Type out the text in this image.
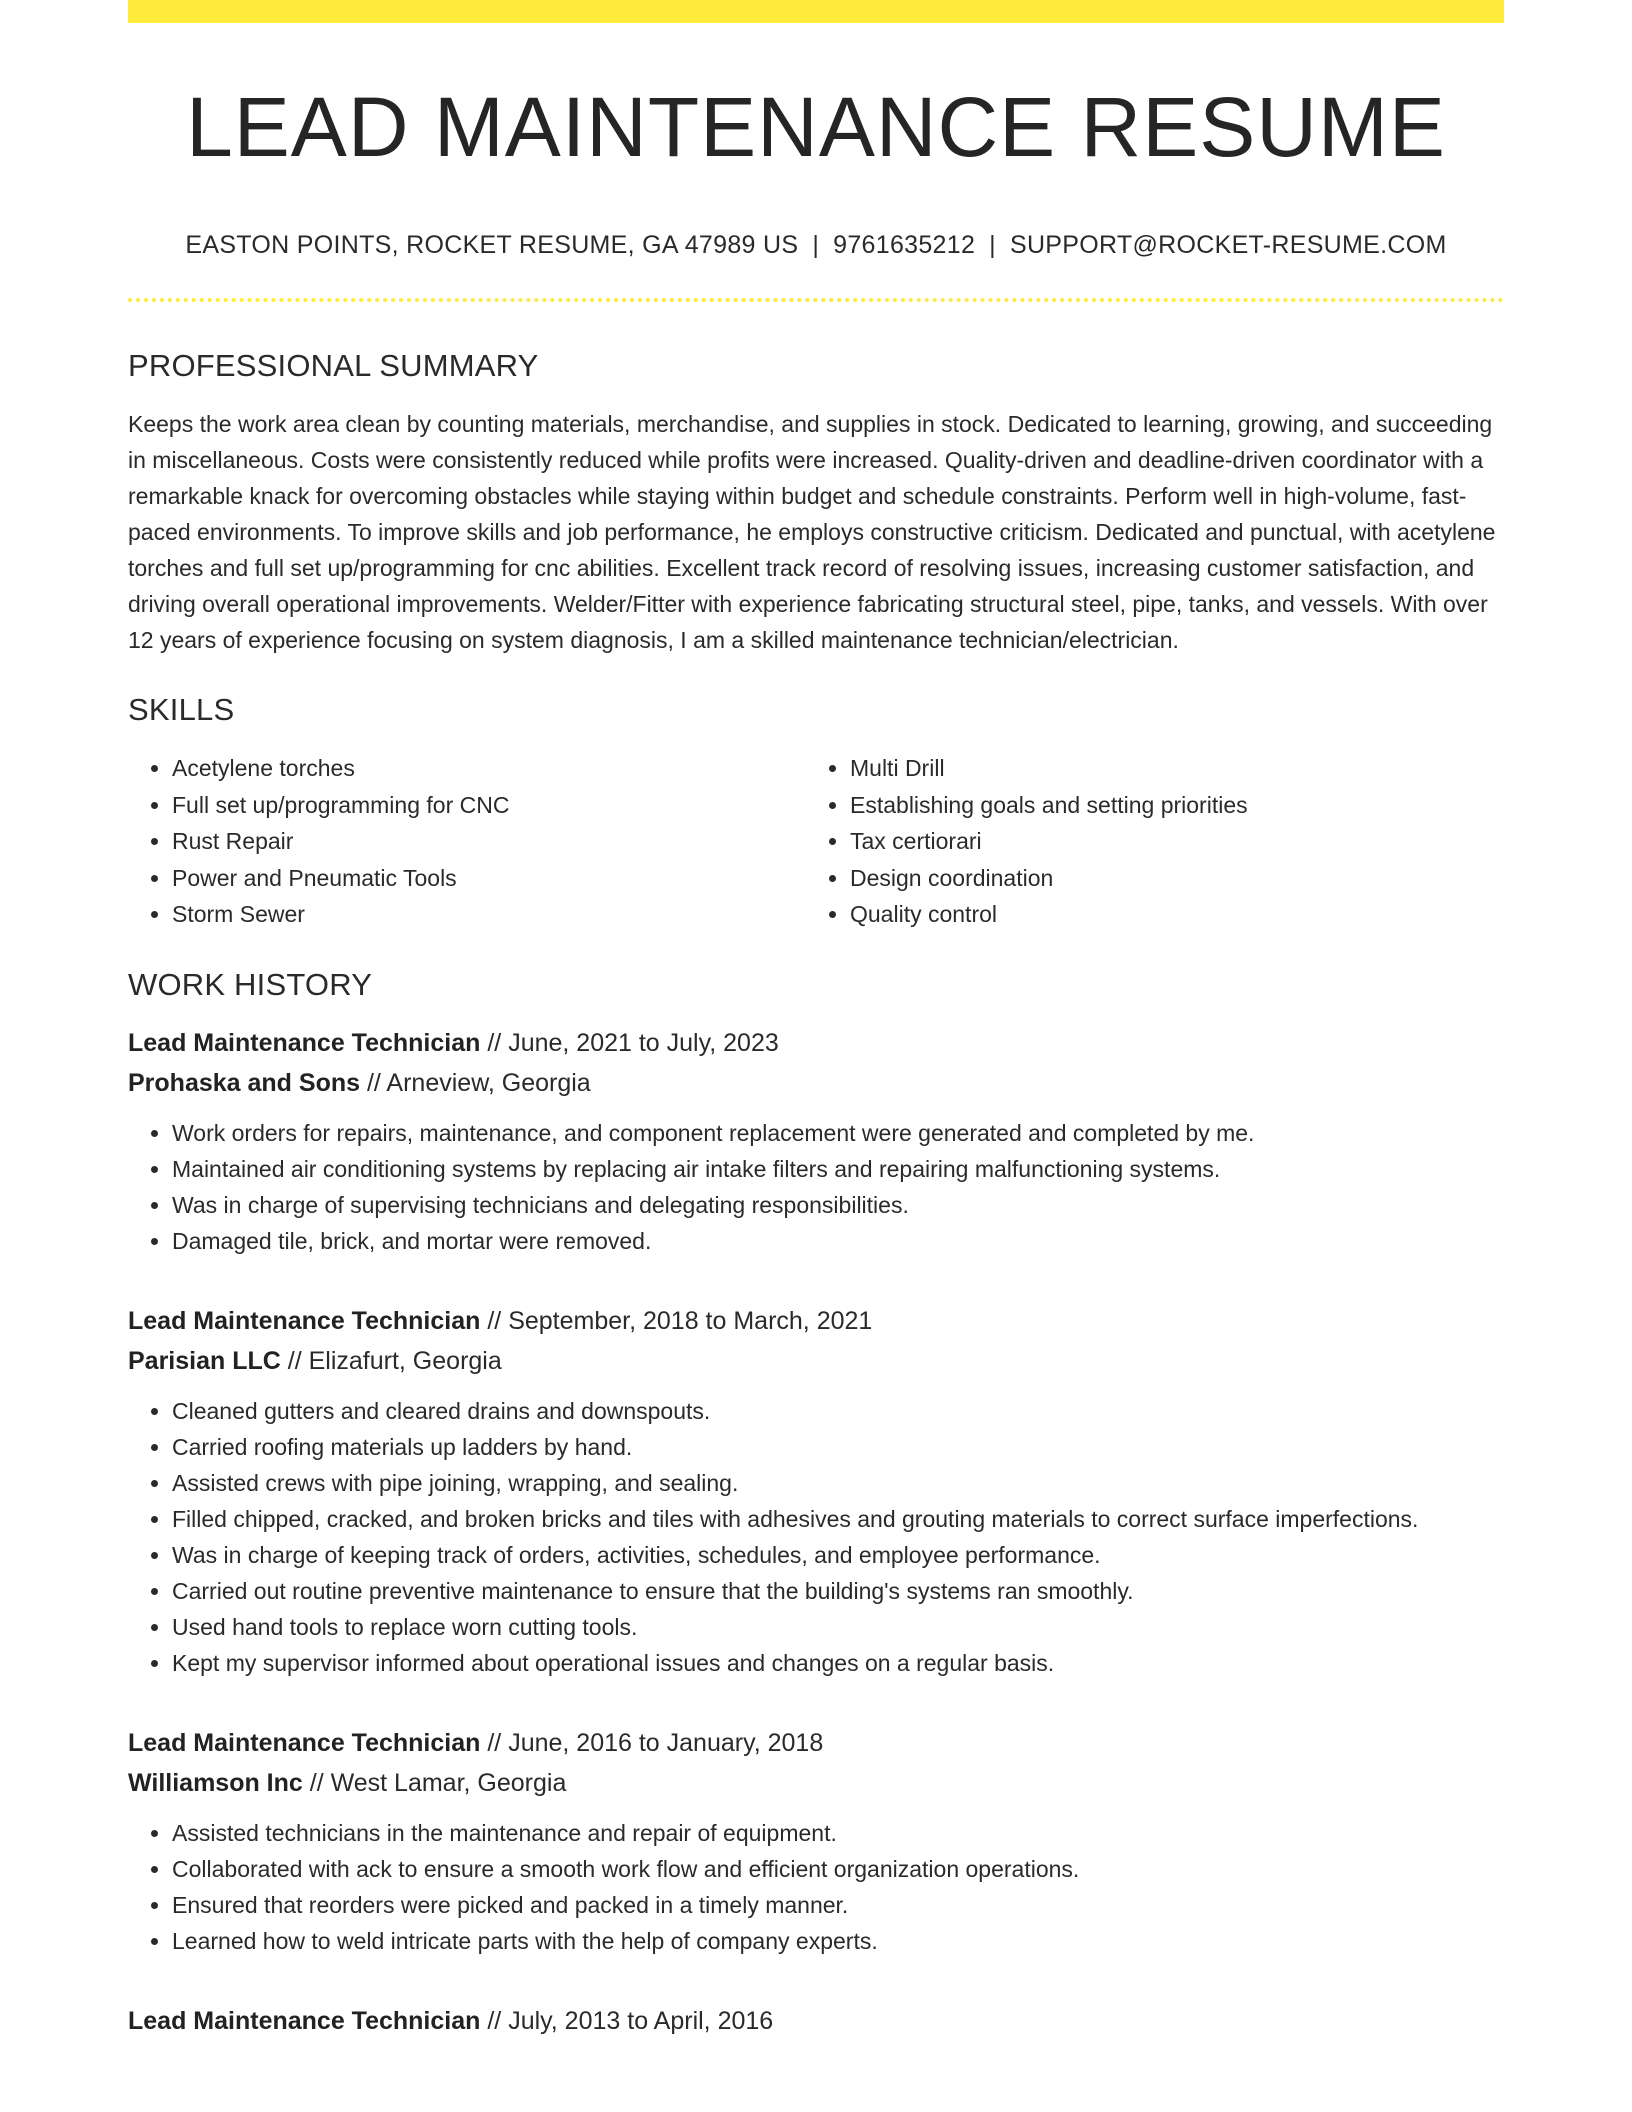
LEAD MAINTENANCE RESUME
EASTON POINTS, ROCKET RESUME, GA 47989 US | 9761635212 | SUPPORT@ROCKET-RESUME.COM
PROFESSIONAL SUMMARY

Keeps the work area clean by counting materials, merchandise, and supplies in stock. Dedicated to learning, growing, and succeeding in miscellaneous. Costs were consistently reduced while profits were increased. Quality-driven and deadline-driven coordinator with a remarkable knack for overcoming obstacles while staying within budget and schedule constraints. Perform well in high-volume, fast-paced environments. To improve skills and job performance, he employs constructive criticism. Dedicated and punctual, with acetylene torches and full set up/programming for cnc abilities. Excellent track record of resolving issues, increasing customer satisfaction, and driving overall operational improvements. Welder/Fitter with experience fabricating structural steel, pipe, tanks, and vessels. With over 12 years of experience focusing on system diagnosis, I am a skilled maintenance technician/electrician.

SKILLS
• Acetylene torches
• Full set up/programming for CNC
• Rust Repair
• Power and Pneumatic Tools
• Storm Sewer
• Multi Drill
• Establishing goals and setting priorities
• Tax certiorari
• Design coordination
• Quality control
WORK HISTORY
Lead Maintenance Technician // June, 2021 to July, 2023
Prohaska and Sons // Arneview, Georgia
• Work orders for repairs, maintenance, and component replacement were generated and completed by me.
• Maintained air conditioning systems by replacing air intake filters and repairing malfunctioning systems.
• Was in charge of supervising technicians and delegating responsibilities.
• Damaged tile, brick, and mortar were removed.
Lead Maintenance Technician // September, 2018 to March, 2021
Parisian LLC // Elizafurt, Georgia
• Cleaned gutters and cleared drains and downspouts.
• Carried roofing materials up ladders by hand.
• Assisted crews with pipe joining, wrapping, and sealing.
• Filled chipped, cracked, and broken bricks and tiles with adhesives and grouting materials to correct surface imperfections.
• Was in charge of keeping track of orders, activities, schedules, and employee performance.
• Carried out routine preventive maintenance to ensure that the building's systems ran smoothly.
• Used hand tools to replace worn cutting tools.
• Kept my supervisor informed about operational issues and changes on a regular basis.
Lead Maintenance Technician // June, 2016 to January, 2018
Williamson Inc // West Lamar, Georgia
• Assisted technicians in the maintenance and repair of equipment.
• Collaborated with ack to ensure a smooth work flow and efficient organization operations.
• Ensured that reorders were picked and packed in a timely manner.
• Learned how to weld intricate parts with the help of company experts.
Lead Maintenance Technician // July, 2013 to April, 2016
